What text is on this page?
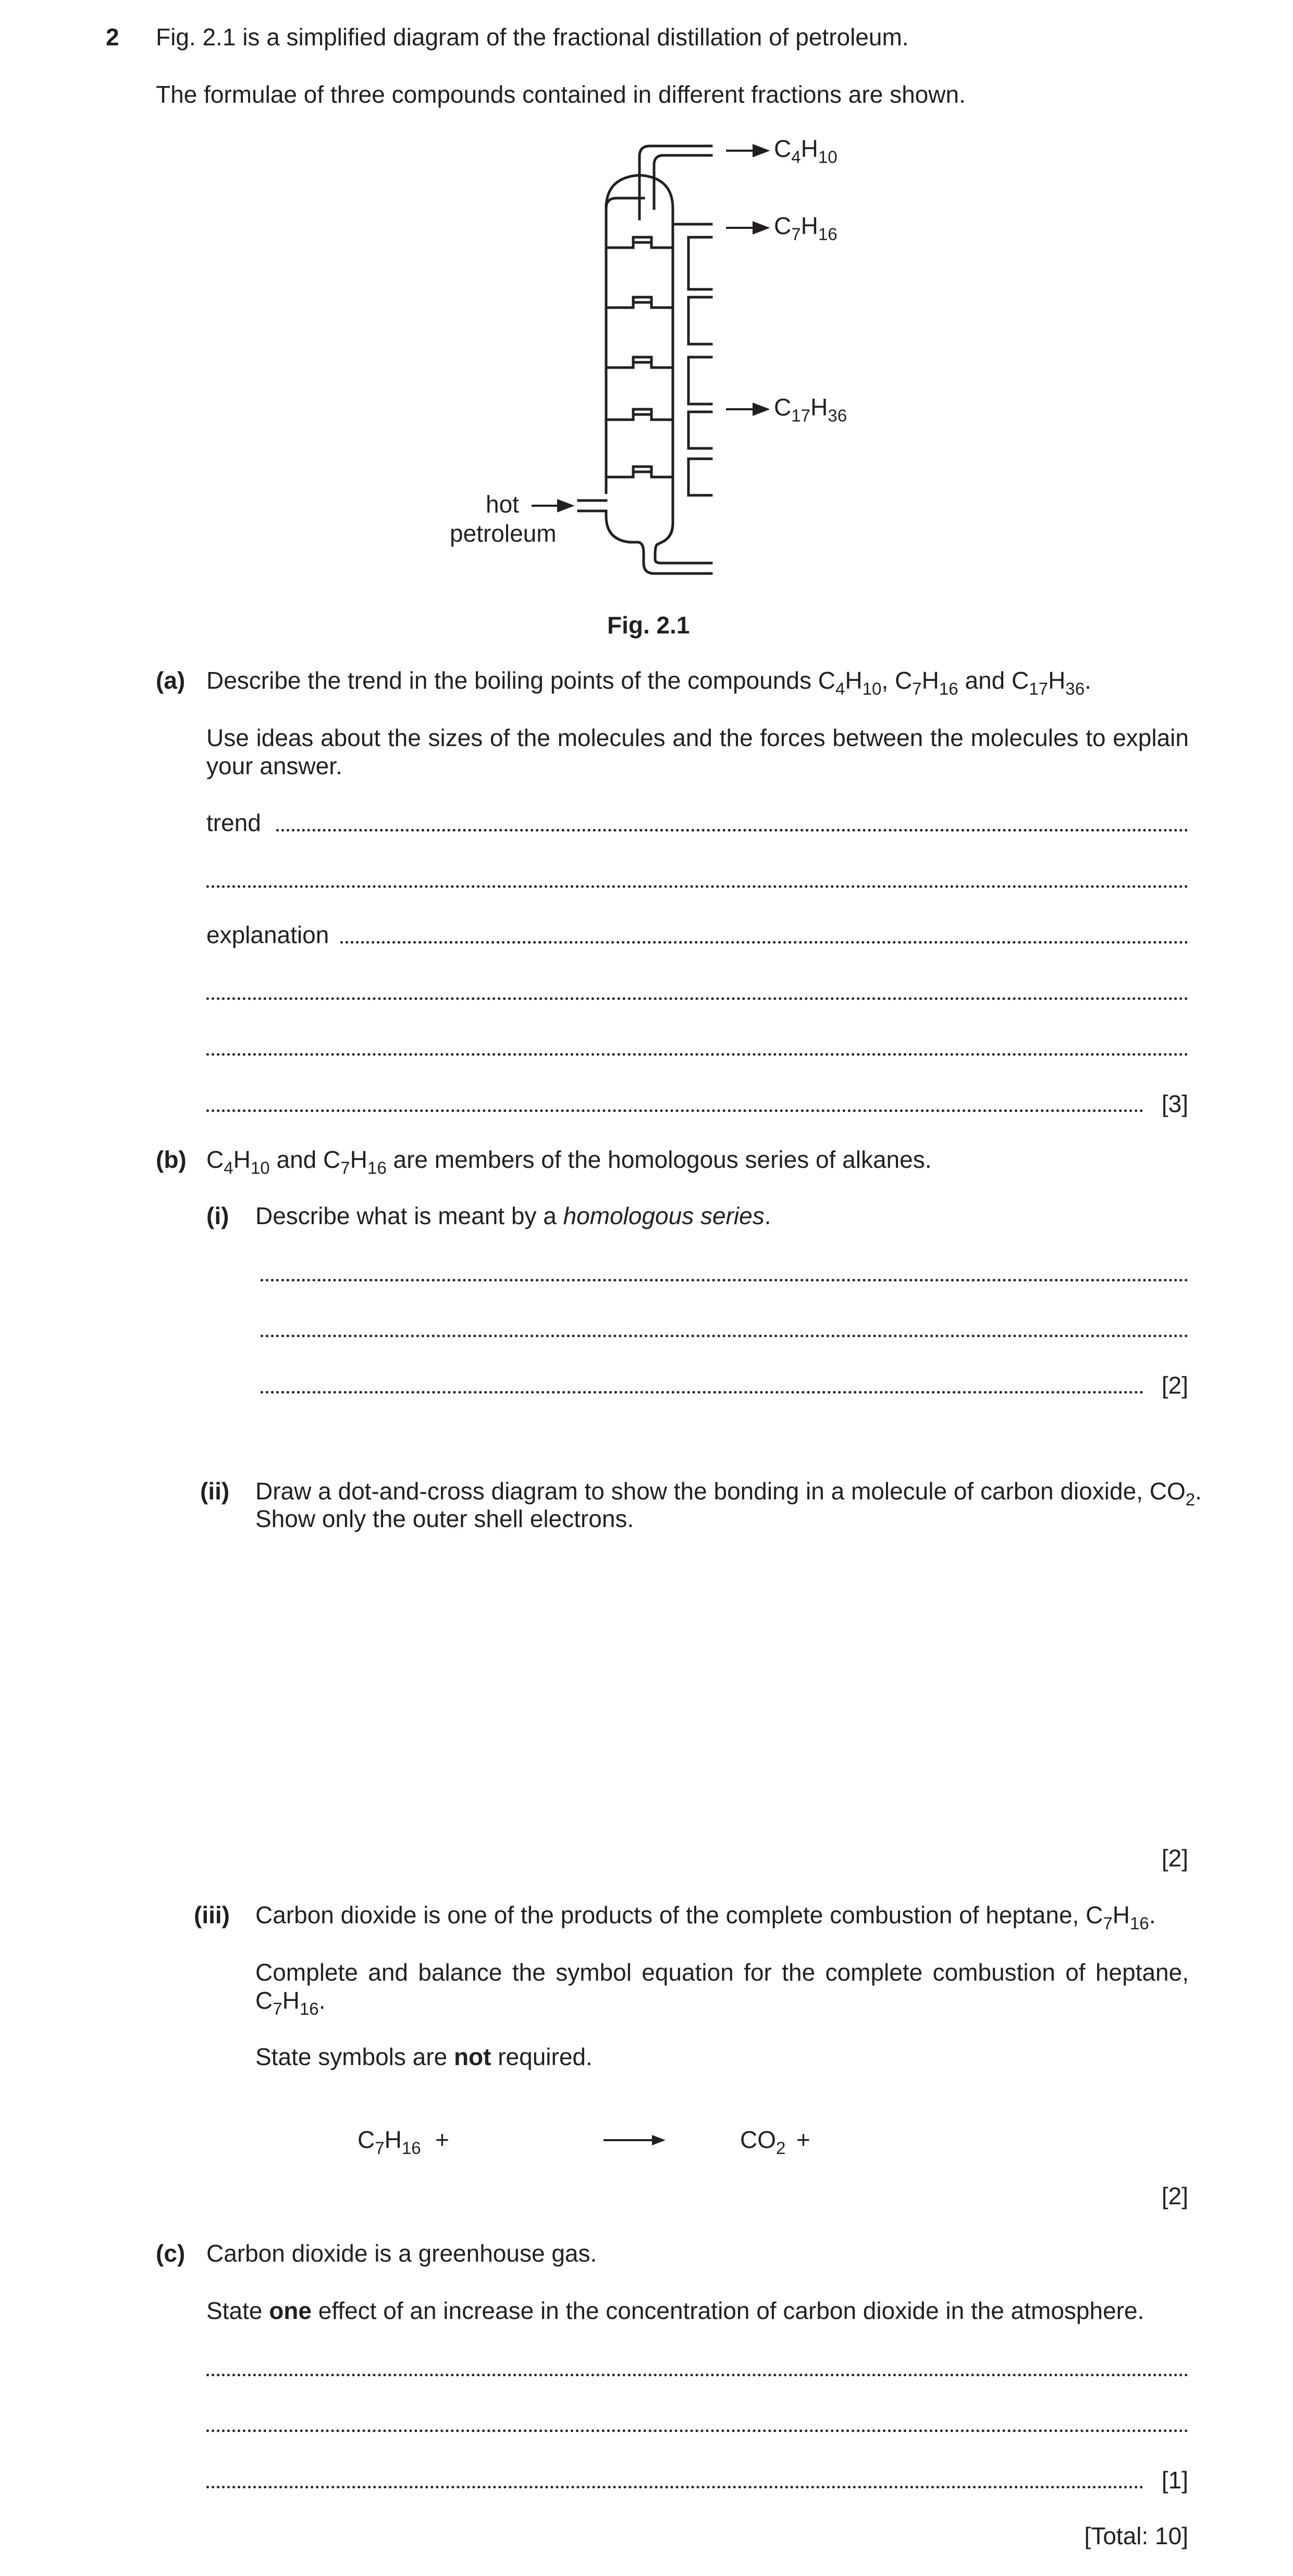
2 Fig. 2.1 is a simplified diagram of the fractional distillation of petroleum.
The formulae of three compounds contained in different fractions are shown.
$C_4H_{10}$
$C_7H_{16}$
$C_{17}H_{36}$
hot
petroleum
Fig. 2.1
(a) Describe the trend in the boiling points of the compounds $C_4H_{10}$, $C_7H_{16}$ and $C_{17}H_{36}$.
Use ideas about the sizes of the molecules and the forces between the molecules to explain your answer.
trend
explanation
[3]
(b) $C_4H_{10}$ and $C_7H_{16}$ are members of the homologous series of alkanes.
(i) Describe what is meant by a homologous series.
[2]
(ii) Draw a dot-and-cross diagram to show the bonding in a molecule of carbon dioxide, $CO_2$.
Show only the outer shell electrons.
[2]
(iii) Carbon dioxide is one of the products of the complete combustion of heptane, $C_7H_{16}$.
Complete and balance the symbol equation for the complete combustion of heptane,
$C_7H_{16}$.
State symbols are not required.
$C_7H_{16}$ +	$CO_2$ +
[2]
(c) Carbon dioxide is a greenhouse gas.
State one effect of an increase in the concentration of carbon dioxide in the atmosphere.
[1]
[Total: 10]
